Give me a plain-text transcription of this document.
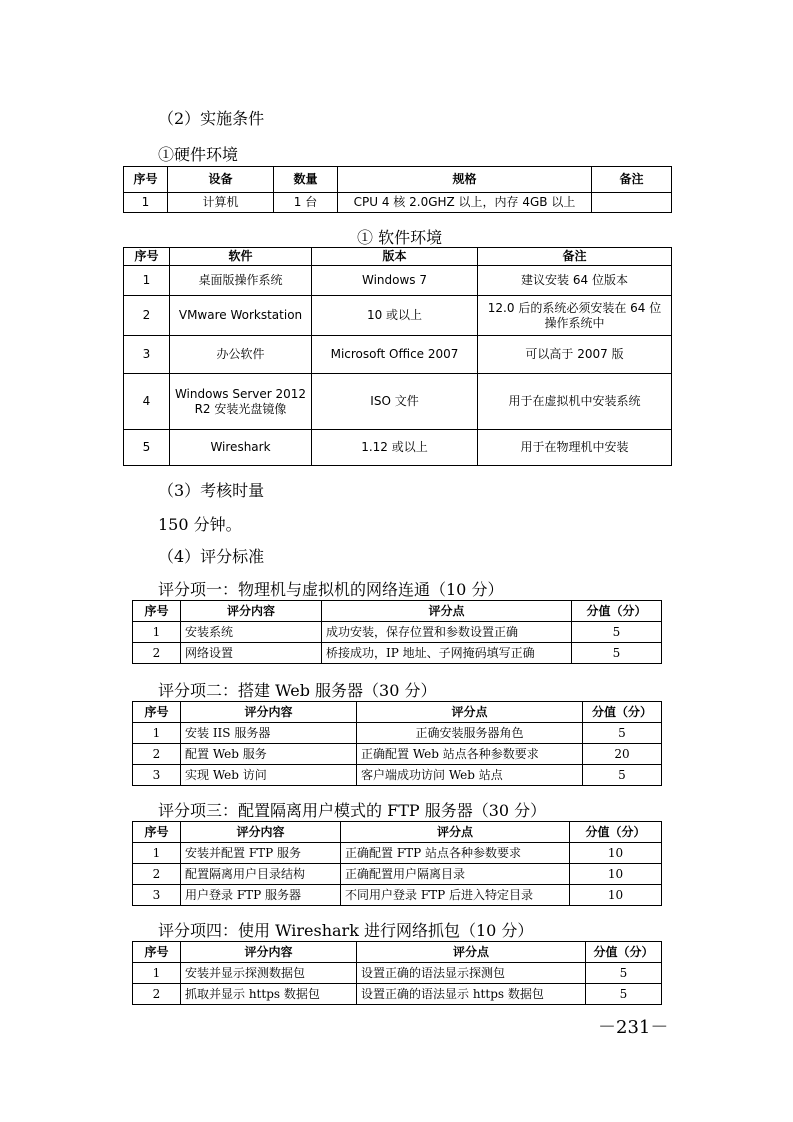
（2）实施条件
①硬件环境
序号	设备	数量	规格	备注
1	计算机	1 台	CPU 4 核 2.0GHZ 以上，内存 4GB 以上	
① 软件环境
序号	软件	版本	备注
1	桌面版操作系统	Windows 7	建议安装 64 位版本
2	VMware Workstation	10 或以上	12.0 后的系统必须安装在 64 位操作系统中
3	办公软件	Microsoft Office 2007	可以高于 2007 版
4	Windows Server 2012 R2 安装光盘镜像	ISO 文件	用于在虚拟机中安装系统
5	Wireshark	1.12 或以上	用于在物理机中安装
（3）考核时量
150 分钟。
（4）评分标准
评分项一：物理机与虚拟机的网络连通（10 分）
序号	评分内容	评分点	分值（分）
1	安装系统	成功安装，保存位置和参数设置正确	5
2	网络设置	桥接成功，IP 地址、子网掩码填写正确	5
评分项二：搭建 Web 服务器（30 分）
序号	评分内容	评分点	分值（分）
1	安装 IIS 服务器	正确安装服务器角色	5
2	配置 Web 服务	正确配置 Web 站点各种参数要求	20
3	实现 Web 访问	客户端成功访问 Web 站点	5
评分项三：配置隔离用户模式的 FTP 服务器（30 分）
序号	评分内容	评分点	分值（分）
1	安装并配置 FTP 服务	正确配置 FTP 站点各种参数要求	10
2	配置隔离用户目录结构	正确配置用户隔离目录	10
3	用户登录 FTP 服务器	不同用户登录 FTP 后进入特定目录	10
评分项四：使用 Wireshark 进行网络抓包（10 分）
序号	评分内容	评分点	分值（分）
1	安装并显示探测数据包	设置正确的语法显示探测包	5
2	抓取并显示 https 数据包	设置正确的语法显示 https 数据包	5
－231－
